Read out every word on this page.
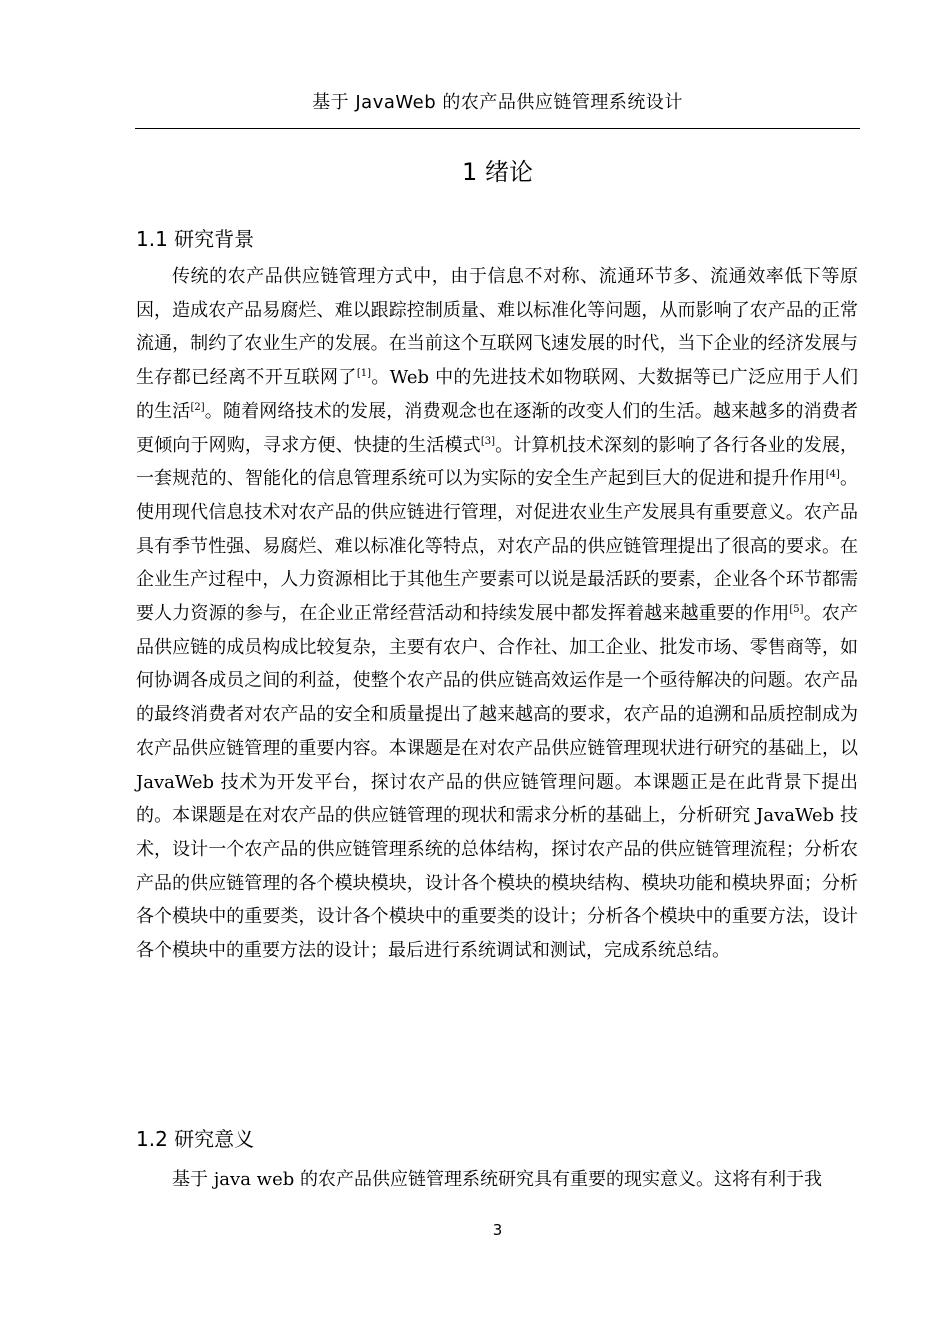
基于 JavaWeb 的农产品供应链管理系统设计
1 绪论
1.1 研究背景
传统的农产品供应链管理方式中，由于信息不对称、流通环节多、流通效率低下等原因，造成农产品易腐烂、难以跟踪控制质量、难以标准化等问题，从而影响了农产品的正常流通，制约了农业生产的发展。在当前这个互联网飞速发展的时代，当下企业的经济发展与生存都已经离不开互联网了[1]。Web 中的先进技术如物联网、大数据等已广泛应用于人们的生活[2]。随着网络技术的发展，消费观念也在逐渐的改变人们的生活。越来越多的消费者更倾向于网购，寻求方便、快捷的生活模式[3]。计算机技术深刻的影响了各行各业的发展，一套规范的、智能化的信息管理系统可以为实际的安全生产起到巨大的促进和提升作用[4]。使用现代信息技术对农产品的供应链进行管理，对促进农业生产发展具有重要意义。农产品具有季节性强、易腐烂、难以标准化等特点，对农产品的供应链管理提出了很高的要求。在企业生产过程中，人力资源相比于其他生产要素可以说是最活跃的要素，企业各个环节都需要人力资源的参与，在企业正常经营活动和持续发展中都发挥着越来越重要的作用[5]。农产品供应链的成员构成比较复杂，主要有农户、合作社、加工企业、批发市场、零售商等，如何协调各成员之间的利益，使整个农产品的供应链高效运作是一个亟待解决的问题。农产品的最终消费者对农产品的安全和质量提出了越来越高的要求，农产品的追溯和品质控制成为农产品供应链管理的重要内容。本课题是在对农产品供应链管理现状进行研究的基础上，以 JavaWeb 技术为开发平台，探讨农产品的供应链管理问题。本课题正是在此背景下提出的。本课题是在对农产品的供应链管理的现状和需求分析的基础上，分析研究 JavaWeb 技术，设计一个农产品的供应链管理系统的总体结构，探讨农产品的供应链管理流程；分析农产品的供应链管理的各个模块模块，设计各个模块的模块结构、模块功能和模块界面；分析各个模块中的重要类，设计各个模块中的重要类的设计；分析各个模块中的重要方法，设计各个模块中的重要方法的设计；最后进行系统调试和测试，完成系统总结。
1.2 研究意义
基于 java web 的农产品供应链管理系统研究具有重要的现实意义。这将有利于我
3
